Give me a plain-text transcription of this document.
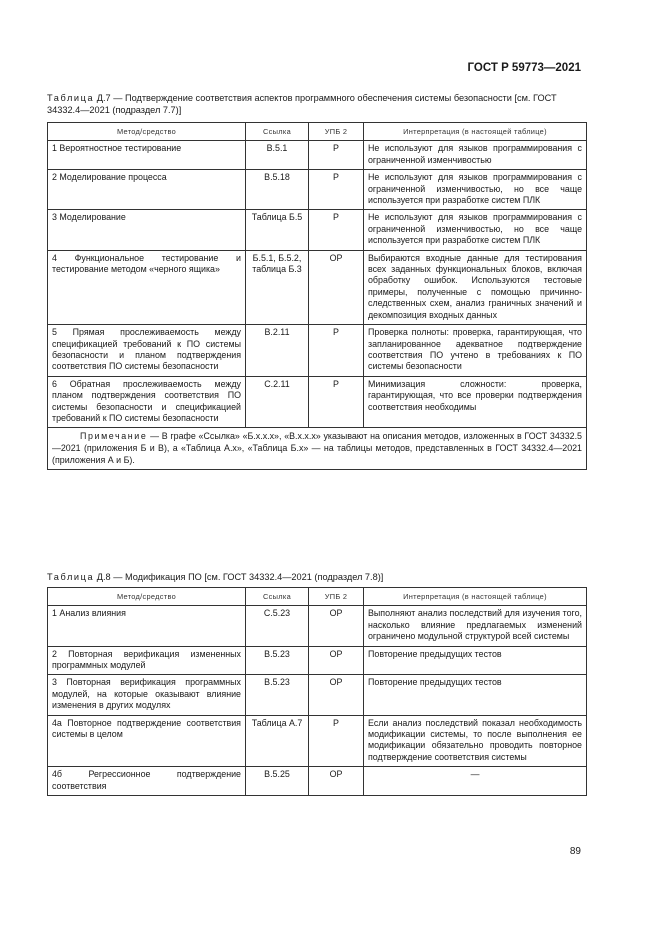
ГОСТ Р 59773—2021
Таблица Д.7 — Подтверждение соответствия аспектов программного обеспечения системы безопасности [см. ГОСТ 34332.4—2021 (подраздел 7.7)]
Метод/средство	Ссылка	УПБ 2	Интерпретация (в настоящей таблице)
1 Вероятностное тестирование	В.5.1	Р	Не используют для языков программирования с ограниченной изменчивостью
2 Моделирование процесса	В.5.18	Р	Не используют для языков программирования с ограниченной изменчивостью, но все чаще используется при разработке систем ПЛК
3 Моделирование	Таблица Б.5	Р	Не используют для языков программирования с ограниченной изменчивостью, но все чаще используется при разработке систем ПЛК
4 Функциональное тестирование и тестирование методом «черного ящика»	Б.5.1, Б.5.2, таблица Б.3	ОР	Выбираются входные данные для тестирования всех заданных функциональных блоков, включая обработку ошибок. Используются тестовые примеры, полученные с помощью причинно-следственных схем, анализ граничных значений и декомпозиция входных данных
5 Прямая прослеживаемость между спецификацией требований к ПО системы безопасности и планом подтверждения соответствия ПО системы безопасности	В.2.11	Р	Проверка полноты: проверка, гарантирующая, что запланированное адекватное подтверждение соответствия ПО учтено в требованиях к ПО системы безопасности
6 Обратная прослеживаемость между планом подтверждения соответствия ПО системы безопасности и спецификацией требований к ПО системы безопасности	С.2.11	Р	Минимизация сложности: проверка, гарантирующая, что все проверки подтверждения соответствия необходимы
Примечание — В графе «Ссылка» «Б.х.х.х», «В.х.х.х» указывают на описания методов, изложенных в ГОСТ 34332.5—2021 (приложения Б и В), а «Таблица А.х», «Таблица Б.х» — на таблицы методов, представленных в ГОСТ 34332.4—2021 (приложения А и Б).			
Таблица Д.8 — Модификация ПО [см. ГОСТ 34332.4—2021 (подраздел 7.8)]
Метод/средство	Ссылка	УПБ 2	Интерпретация (в настоящей таблице)
1 Анализ влияния	С.5.23	ОР	Выполняют анализ последствий для изучения того, насколько влияние предлагаемых изменений ограничено модульной структурой всей системы
2 Повторная верификация измененных программных модулей	В.5.23	ОР	Повторение предыдущих тестов
3 Повторная верификация программных модулей, на которые оказывают влияние изменения в других модулях	В.5.23	ОР	Повторение предыдущих тестов
4а Повторное подтверждение соответствия системы в целом	Таблица А.7	Р	Если анализ последствий показал необходимость модификации системы, то после выполнения ее модификации обязательно проводить повторное подтверждение соответствия системы
4б Регрессионное подтверждение соответствия	В.5.25	ОР	—
89
